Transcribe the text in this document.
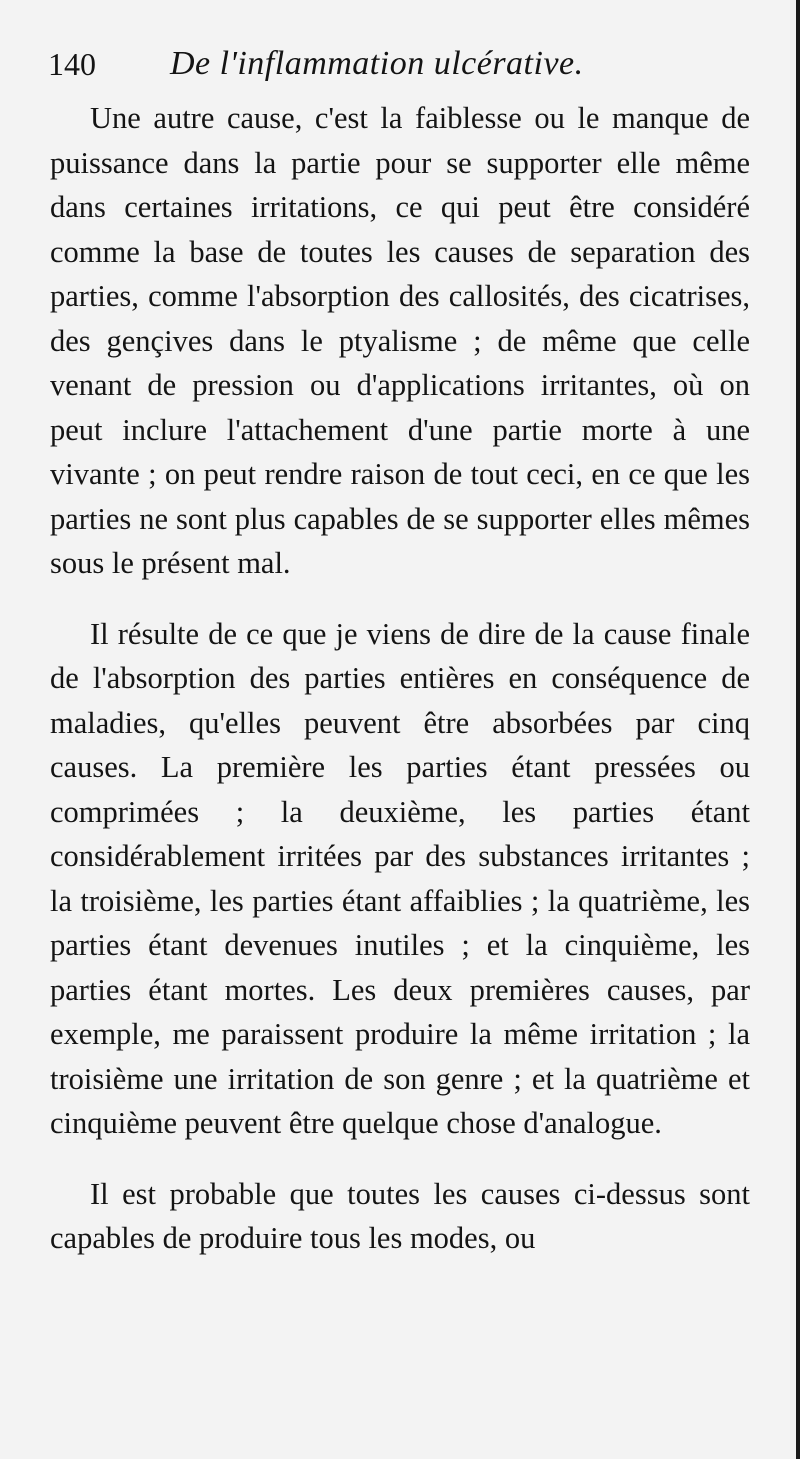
140 De l'inflammation ulcérative.

Une autre cause, c'est la faiblesse ou le manque de puissance dans la partie pour se supporter elle même dans certaines irritations, ce qui peut être considéré comme la base de toutes les causes de separation des parties, comme l'absorption des callosités, des cicatrises, des gençives dans le ptyalisme ; de même que celle venant de pression ou d'applications irritantes, où on peut inclure l'attachement d'une partie morte à une vivante ; on peut rendre raison de tout ceci, en ce que les parties ne sont plus capables de se supporter elles mêmes sous le présent mal.

Il résulte de ce que je viens de dire de la cause finale de l'absorption des parties entières en conséquence de maladies, qu'elles peuvent être absorbées par cinq causes. La première les parties étant pressées ou comprimées ; la deuxième, les parties étant considérablement irritées par des substances irritantes ; la troisième, les parties étant affaiblies ; la quatrième, les parties étant devenues inutiles ; et la cinquième, les parties étant mortes. Les deux premières causes, par exemple, me paraissent produire la même irritation ; la troisième une irritation de son genre ; et la quatrième et cinquième peuvent être quelque chose d'analogue.

Il est probable que toutes les causes ci-dessus sont capables de produire tous les modes, ou
